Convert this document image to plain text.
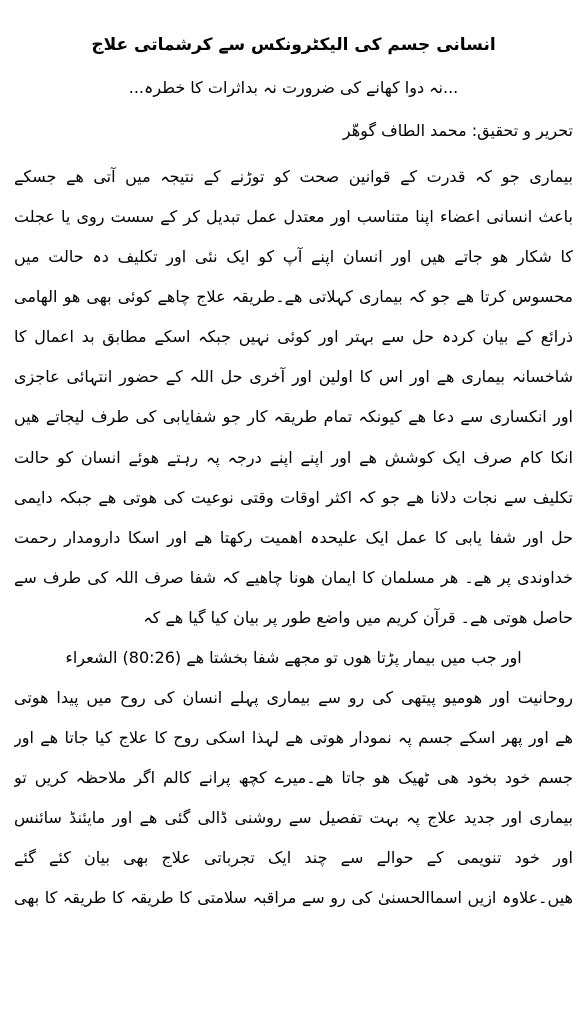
انسانی جسم کی الیکٹرونکس سے کرشماتی علاج
...نہ دوا کھانے کی ضرورت نہ بداثرات کا خطرہ...
تحریر و تحقیق: محمد الطاف گوھّر
بیماری جو کہ قدرت کے قوانین صحت کو توڑنے کے نتیجہ میں آتی ھے جسکے
باعث انسانی اعضاء اپنا متناسب اور معتدل عمل تبدیل کر کے سست روی یا عجلت
کا شکار ھو جاتے ھیں اور انسان اپنے آپ کو ایک نئی اور تکلیف دہ حالت میں
محسوس کرتا ھے جو کہ بیماری کہلاتی ھے۔طریقہ علاج چاھے کوئی بھی ھو الھامی
ذرائع کے بیان کردہ حل سے بہتر اور کوئی نہیں جبکہ اسکے مطابق بد اعمال کا
شاخسانہ بیماری ھے اور اس کا اولین اور آخری حل اللہ کے حضور انتہائی عاجزی
اور انکساری سے دعا ھے کیونکہ تمام طریقہ کار جو شفایابی کی طرف لیجاتے ھیں
انکا کام صرف ایک کوشش ھے اور اپنے اپنے درجہ پہ رہتے ھوئے انسان کو حالت
تکلیف سے نجات دلانا ھے جو کہ اکثر اوقات وقتی نوعیت کی ھوتی ھے جبکہ دایمی
حل اور شفا یابی کا عمل ایک علیحدہ اھمیت رکھتا ھے اور اسکا دارومدار رحمت
خداوندی پر ھے۔ ھر مسلمان کا ایمان ھونا چاھیے کہ شفا صرف اللہ کی طرف سے
حاصل ھوتی ھے۔ قرآن کریم میں واضع طور پر بیان کیا گیا ھے کہ
اور جب میں بیمار پڑتا ھوں تو مجھے شفا بخشتا ھے (80:26) الشعراء
روحانیت اور ھومیو پیتھی کی رو سے بیماری پہلے انسان کی روح میں پیدا ھوتی
ھے اور پھر اسکے جسم پہ نمودار ھوتی ھے لہذا اسکی روح کا علاج کیا جاتا ھے اور
جسم خود بخود ھی ٹھیک ھو جاتا ھے۔میرے کچھ پرانے کالم اگر ملاحظہ کریں تو
بیماری اور جدید علاج پہ بہت تفصیل سے روشنی ڈالی گئی ھے اور مایئنڈ سائنس
اور خود تنویمی کے حوالے سے چند ایک تجرباتی علاج بھی بیان کئے گئے
ھیں۔علاوہ ازیں اسماالحسنیٰ کی رو سے مراقبہ سلامتی کا طریقہ کا طریقہ کا بھی
